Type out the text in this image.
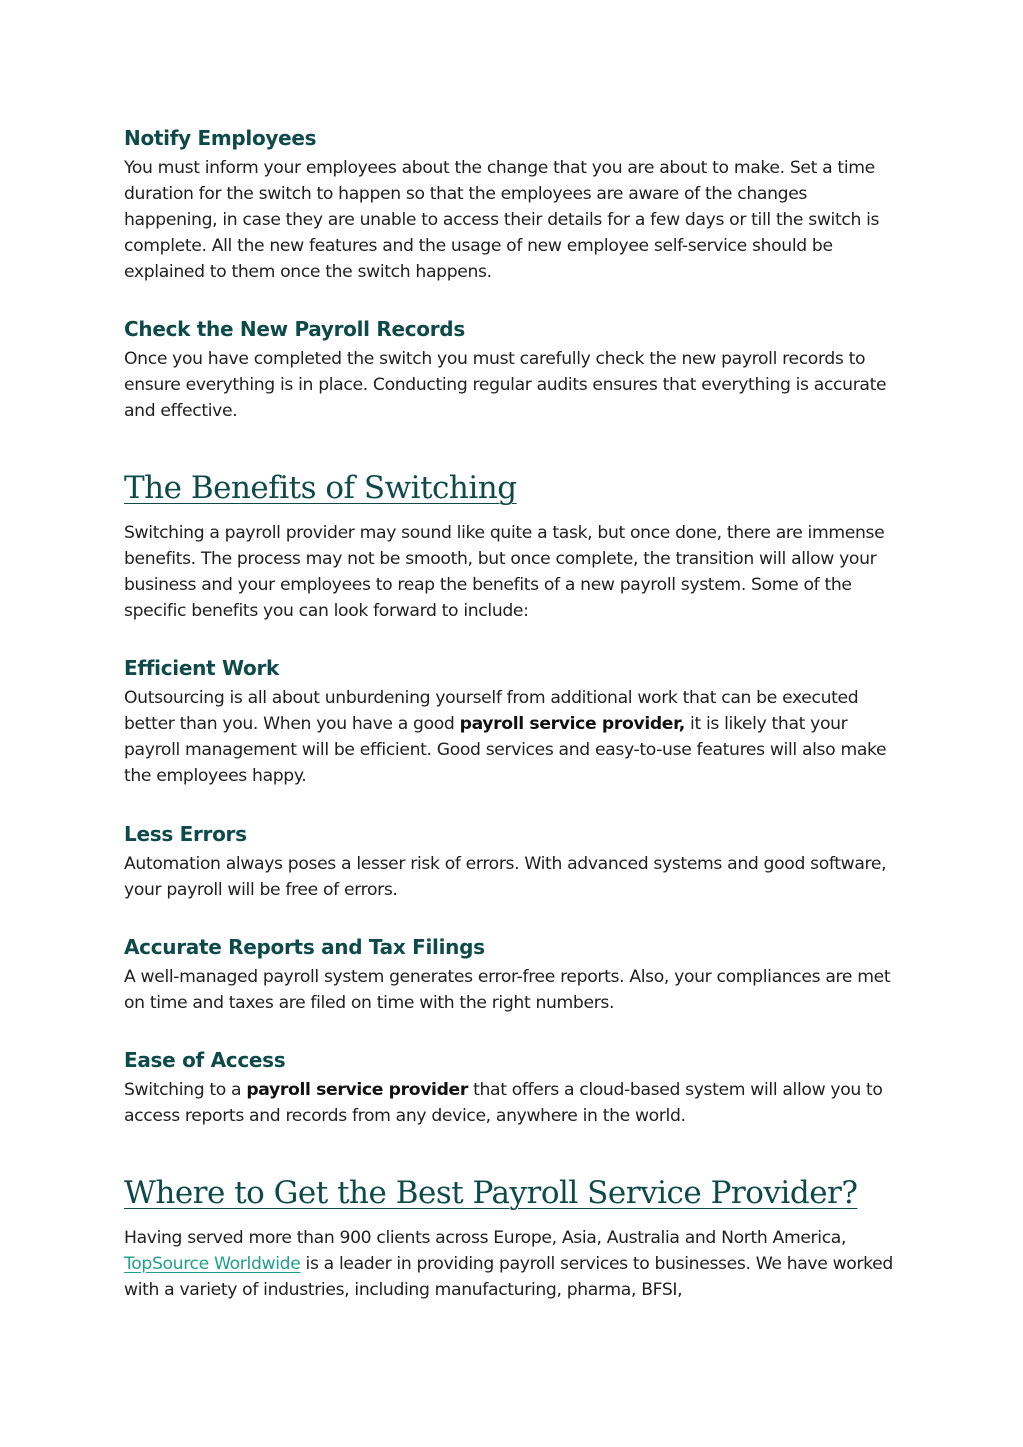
Notify Employees

You must inform your employees about the change that you are about to make. Set a time duration for the switch to happen so that the employees are aware of the changes happening, in case they are unable to access their details for a few days or till the switch is complete. All the new features and the usage of new employee self-service should be explained to them once the switch happens.

Check the New Payroll Records

Once you have completed the switch you must carefully check the new payroll records to ensure everything is in place. Conducting regular audits ensures that everything is accurate and effective.

The Benefits of Switching

Switching a payroll provider may sound like quite a task, but once done, there are immense benefits. The process may not be smooth, but once complete, the transition will allow your business and your employees to reap the benefits of a new payroll system. Some of the specific benefits you can look forward to include:

Efficient Work

Outsourcing is all about unburdening yourself from additional work that can be executed better than you. When you have a good payroll service provider, it is likely that your payroll management will be efficient. Good services and easy-to-use features will also make the employees happy.

Less Errors

Automation always poses a lesser risk of errors. With advanced systems and good software, your payroll will be free of errors.

Accurate Reports and Tax Filings

A well-managed payroll system generates error-free reports. Also, your compliances are met on time and taxes are filed on time with the right numbers.

Ease of Access

Switching to a payroll service provider that offers a cloud-based system will allow you to access reports and records from any device, anywhere in the world.

Where to Get the Best Payroll Service Provider?

Having served more than 900 clients across Europe, Asia, Australia and North America, TopSource Worldwide is a leader in providing payroll services to businesses. We have worked with a variety of industries, including manufacturing, pharma, BFSI,
